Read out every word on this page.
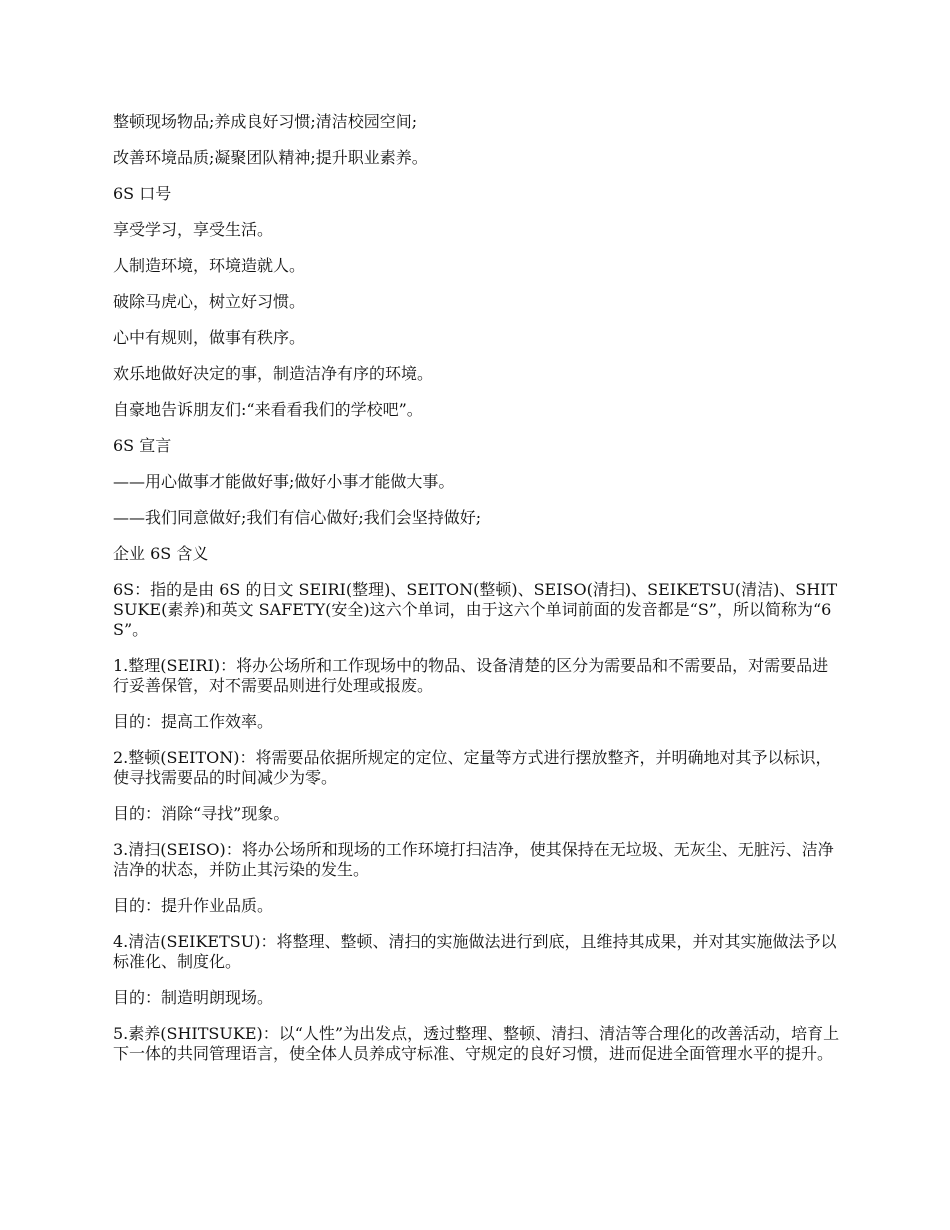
整顿现场物品;养成良好习惯;清洁校园空间;

改善环境品质;凝聚团队精神;提升职业素养。

6S 口号

享受学习，享受生活。

人制造环境，环境造就人。

破除马虎心，树立好习惯。

心中有规则，做事有秩序。

欢乐地做好决定的事，制造洁净有序的环境。

自豪地告诉朋友们:“来看看我们的学校吧”。

6S 宣言

——用心做事才能做好事;做好小事才能做大事。

——我们同意做好;我们有信心做好;我们会坚持做好;

企业 6S 含义

6S：指的是由 6S 的日文 SEIRI(整理)、SEITON(整顿)、SEISO(清扫)、SEIKETSU(清洁)、SHITSUKE(素养)和英文 SAFETY(安全)这六个单词，由于这六个单词前面的发音都是“S”，所以简称为“6S”。

1.整理(SEIRI)：将办公场所和工作现场中的物品、设备清楚的区分为需要品和不需要品，对需要品进行妥善保管，对不需要品则进行处理或报废。

目的：提高工作效率。

2.整顿(SEITON)：将需要品依据所规定的定位、定量等方式进行摆放整齐，并明确地对其予以标识，使寻找需要品的时间减少为零。

目的：消除“寻找”现象。

3.清扫(SEISO)：将办公场所和现场的工作环境打扫洁净，使其保持在无垃圾、无灰尘、无脏污、洁净洁净的状态，并防止其污染的发生。

目的：提升作业品质。

4.清洁(SEIKETSU)：将整理、整顿、清扫的实施做法进行到底，且维持其成果，并对其实施做法予以标准化、制度化。

目的：制造明朗现场。

5.素养(SHITSUKE)：以“人性”为出发点，透过整理、整顿、清扫、清洁等合理化的改善活动，培育上下一体的共同管理语言，使全体人员养成守标准、守规定的良好习惯，进而促进全面管理水平的提升。
